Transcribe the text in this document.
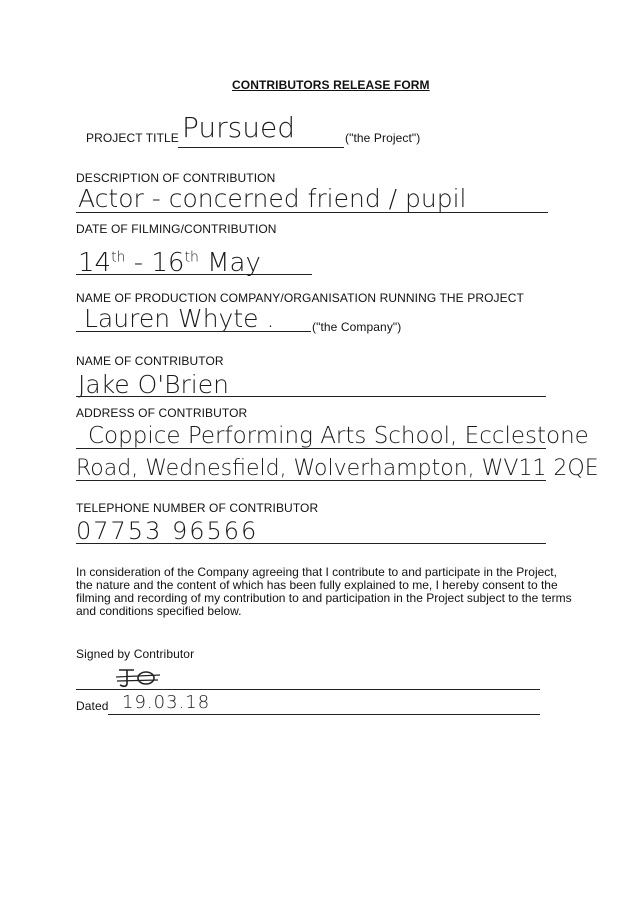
CONTRIBUTORS RELEASE FORM
PROJECT TITLE Pursued	("the Project")
DESCRIPTION OF CONTRIBUTION
Actor - concerned friend / pupil
DATE OF FILMING/CONTRIBUTION
14th - 16th May
NAME OF PRODUCTION COMPANY/ORGANISATION RUNNING THE PROJECT
Lauren Whyte .	("the Company")
NAME OF CONTRIBUTOR
Jake O'Brien
ADDRESS OF CONTRIBUTOR
Coppice Performing Arts School, Ecclestone
Road, Wednesfield, Wolverhampton, WV11 2QE
TELEPHONE NUMBER OF CONTRIBUTOR
07753 96566
In consideration of the Company agreeing that I contribute to and participate in the Project, the nature and the content of which has been fully explained to me, I hereby consent to the filming and recording of my contribution to and participation in the Project subject to the terms and conditions specified below.
Signed by Contributor
Dated 19.03.18
